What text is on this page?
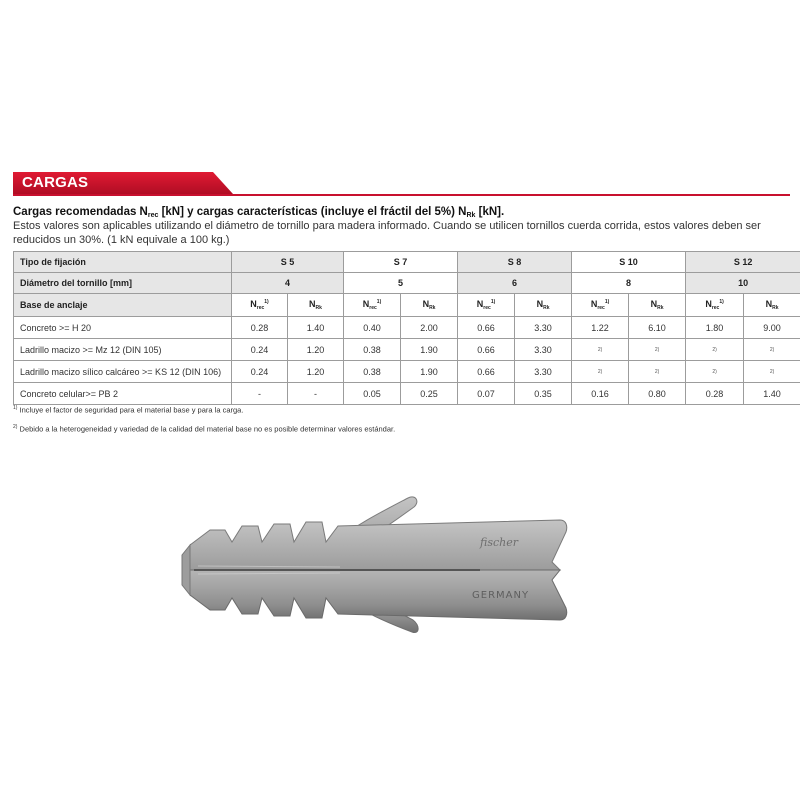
CARGAS
Cargas recomendadas $N_{rec}$ [kN] y cargas características (incluye el fráctil del 5%) $N_{Rk}$ [kN].
Estos valores son aplicables utilizando el diámetro de tornillo para madera informado. Cuando se utilicen tornillos cuerda corrida, estos valores deben ser reducidos un 30%. (1 kN equivale a 100 kg.)
Tipo de fijación	S 5		S 7		S 8		S 10		S 12	
Diámetro del tornillo [mm]	4		5		6		8		10	
Base de anclaje	$N_{rec}^{1)}$	$N_{Rk}$	$N_{rec}^{1)}$	$N_{Rk}$	$N_{rec}^{1)}$	$N_{Rk}$	$N_{rec}^{1)}$	$N_{Rk}$	$N_{rec}^{1)}$	$N_{Rk}$
Concreto >= H 20	0.28	1.40	0.40	2.00	0.66	3.30	1.22	6.10	1.80	9.00
Ladrillo macizo >= Mz 12 (DIN 105)	0.24	1.20	0.38	1.90	0.66	3.30	2)	2)	2)	2)
Ladrillo macizo sílico calcáreo >= KS 12 (DIN 106)	0.24	1.20	0.38	1.90	0.66	3.30	2)	2)	2)	2)
Concreto celular>= PB 2	-	-	0.05	0.25	0.07	0.35	0.16	0.80	0.28	1.40
$^{1)}$ Incluye el factor de seguridad para el material base y para la carga.
$^{2)}$ Debido a la heterogeneidad y variedad de la calidad del material base no es posible determinar valores estándar.
fischer
GERMANY
